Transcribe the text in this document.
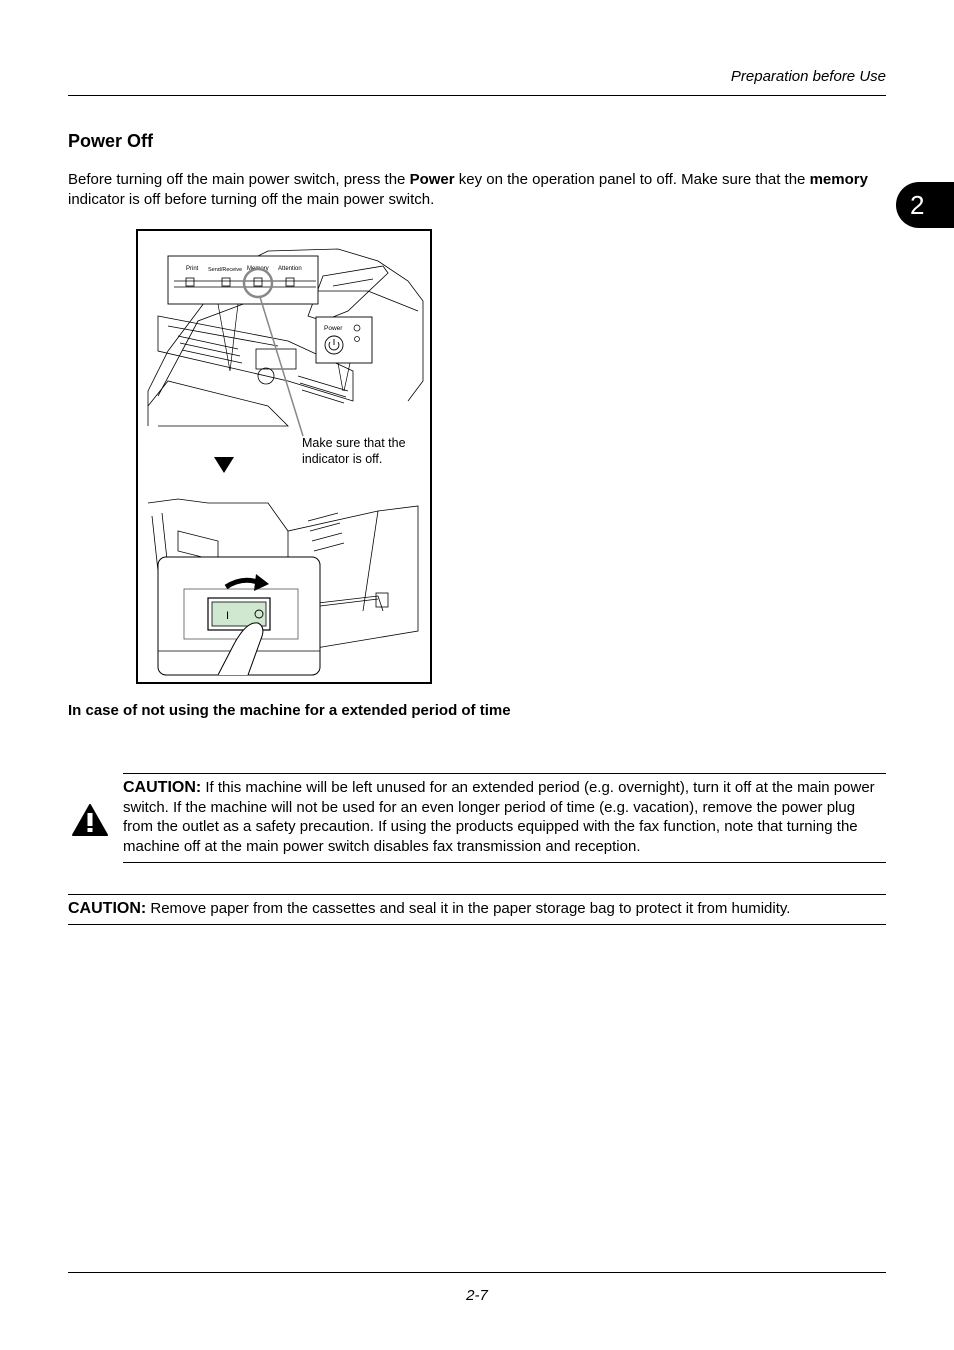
Preparation before Use
2
Power Off
Before turning off the main power switch, press the Power key on the operation panel to off. Make sure that the memory indicator is off before turning off the main power switch.
Print Send/Receive Memory Attention
Power
I
Make sure that the
indicator is off.
In case of not using the machine for a extended period of time
CAUTION: If this machine will be left unused for an extended period (e.g. overnight), turn it off at the main power switch. If the machine will not be used for an even longer period of time (e.g. vacation), remove the power plug from the outlet as a safety precaution. If using the products equipped with the fax function, note that turning the machine off at the main power switch disables fax transmission and reception.
CAUTION: Remove paper from the cassettes and seal it in the paper storage bag to protect it from humidity.
2-7
